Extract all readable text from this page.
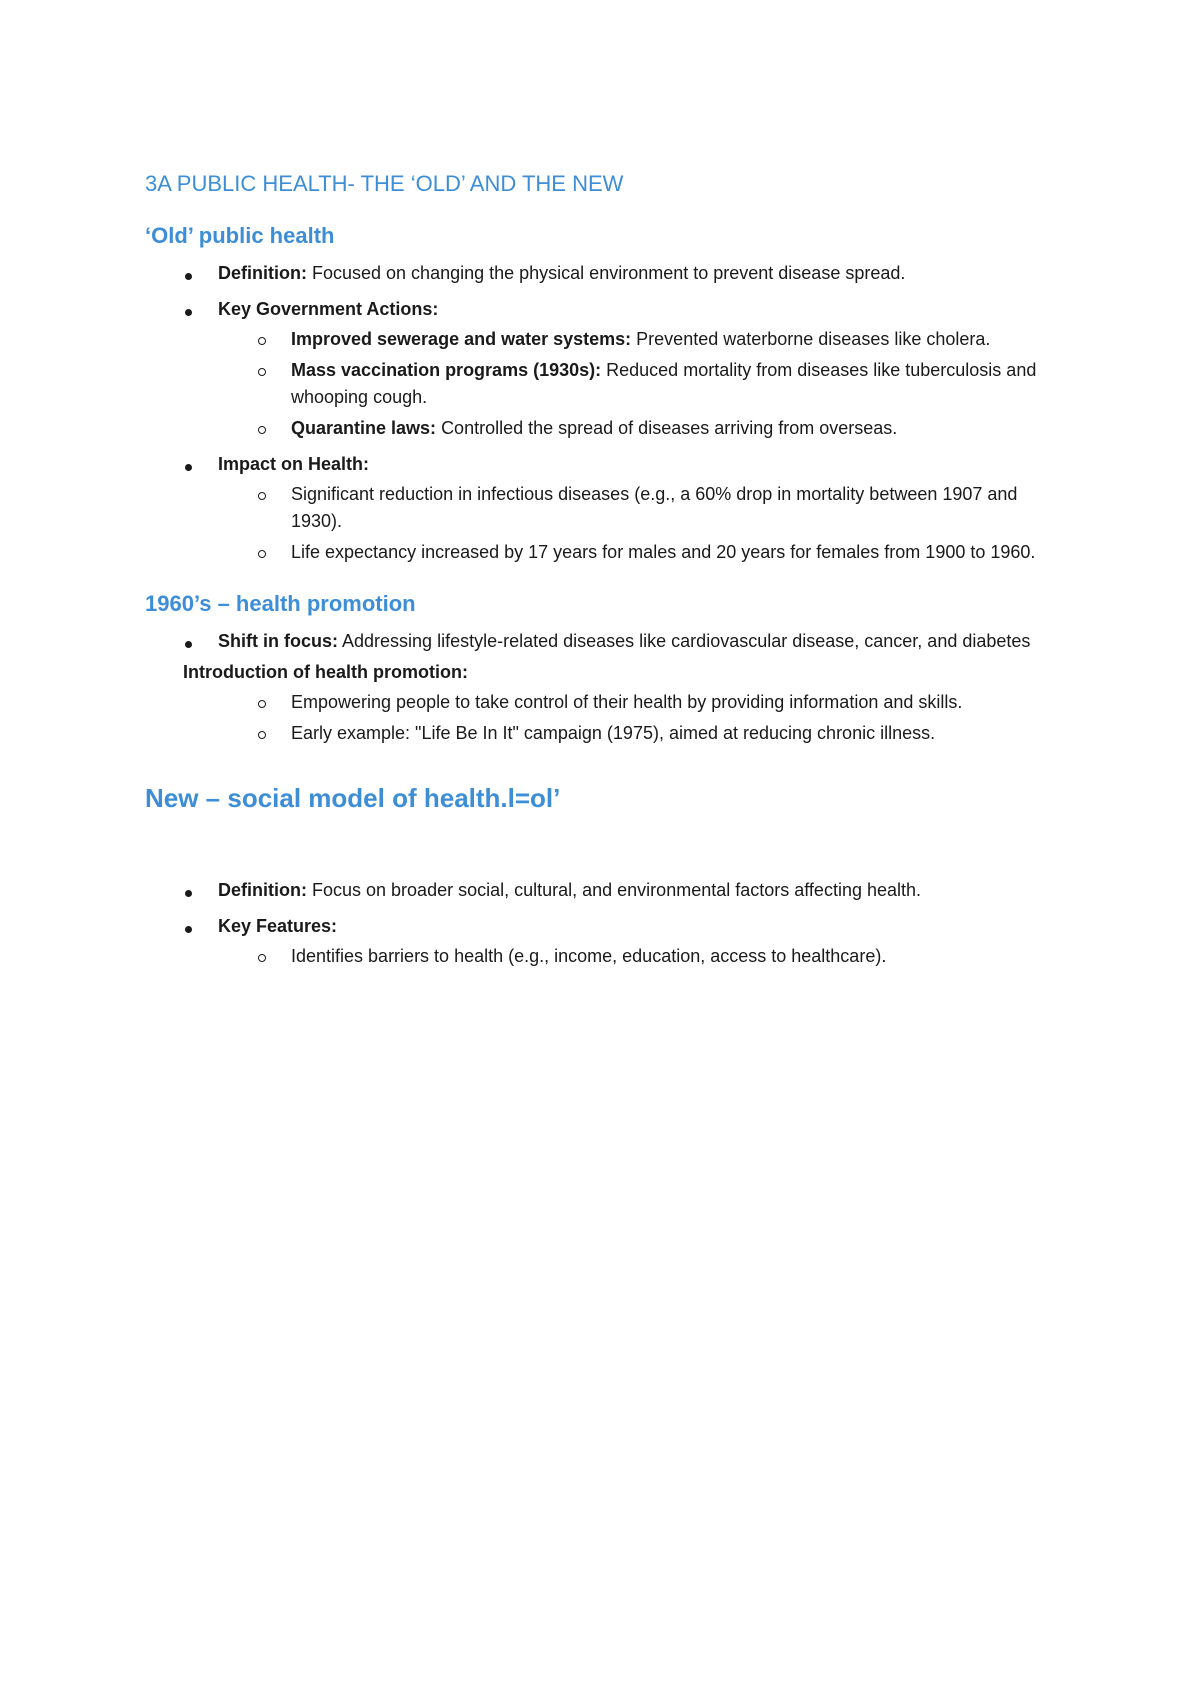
3A PUBLIC HEALTH- THE ‘OLD’ AND THE NEW
‘Old’ public health
Definition: Focused on changing the physical environment to prevent disease spread.
Key Government Actions:
Improved sewerage and water systems: Prevented waterborne diseases like cholera.
Mass vaccination programs (1930s): Reduced mortality from diseases like tuberculosis and whooping cough.
Quarantine laws: Controlled the spread of diseases arriving from overseas.
Impact on Health:
Significant reduction in infectious diseases (e.g., a 60% drop in mortality between 1907 and 1930).
Life expectancy increased by 17 years for males and 20 years for females from 1900 to 1960.
1960’s – health promotion
Shift in focus: Addressing lifestyle-related diseases like cardiovascular disease, cancer, and diabetes
Introduction of health promotion:
Empowering people to take control of their health by providing information and skills.
Early example: "Life Be In It" campaign (1975), aimed at reducing chronic illness.
New – social model of health.l=ol’
Definition: Focus on broader social, cultural, and environmental factors affecting health.
Key Features:
Identifies barriers to health (e.g., income, education, access to healthcare).
